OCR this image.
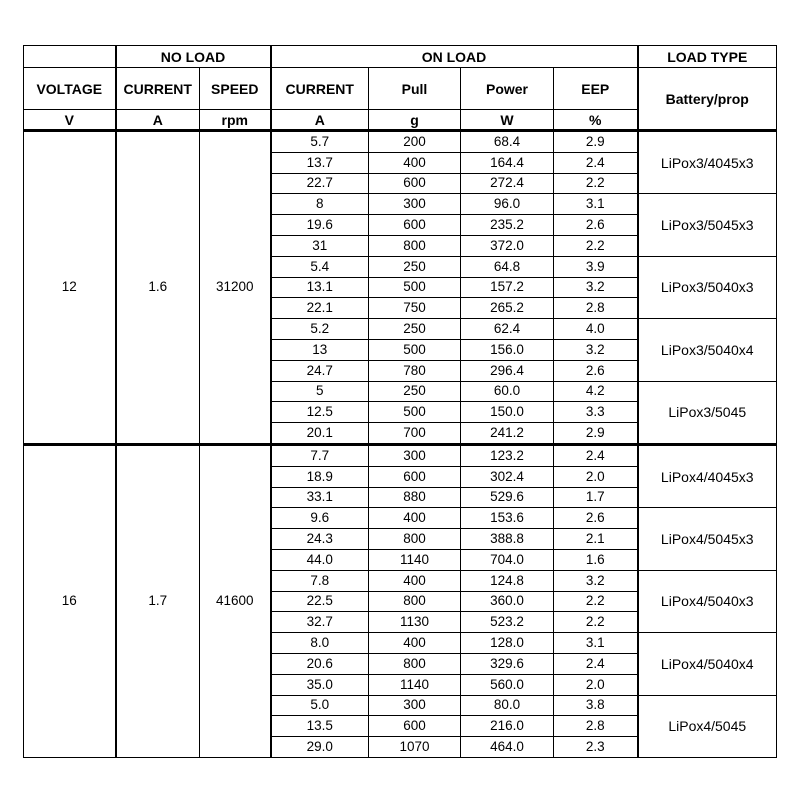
	NO LOAD		ON LOAD				LOAD TYPE
VOLTAGE	CURRENT	SPEED	CURRENT	Pull	Power	EEP	Battery/prop
V	A	rpm	A	g	W	%	
12	1.6	31200	5.7	200	68.4	2.9	LiPox3/4045x3
			13.7	400	164.4	2.4	
			22.7	600	272.4	2.2	
			8	300	96.0	3.1	LiPox3/5045x3
			19.6	600	235.2	2.6	
			31	800	372.0	2.2	
			5.4	250	64.8	3.9	LiPox3/5040x3
			13.1	500	157.2	3.2	
			22.1	750	265.2	2.8	
			5.2	250	62.4	4.0	LiPox3/5040x4
			13	500	156.0	3.2	
			24.7	780	296.4	2.6	
			5	250	60.0	4.2	LiPox3/5045
			12.5	500	150.0	3.3	
			20.1	700	241.2	2.9	
16	1.7	41600	7.7	300	123.2	2.4	LiPox4/4045x3
			18.9	600	302.4	2.0	
			33.1	880	529.6	1.7	
			9.6	400	153.6	2.6	LiPox4/5045x3
			24.3	800	388.8	2.1	
			44.0	1140	704.0	1.6	
			7.8	400	124.8	3.2	LiPox4/5040x3
			22.5	800	360.0	2.2	
			32.7	1130	523.2	2.2	
			8.0	400	128.0	3.1	LiPox4/5040x4
			20.6	800	329.6	2.4	
			35.0	1140	560.0	2.0	
			5.0	300	80.0	3.8	LiPox4/5045
			13.5	600	216.0	2.8	
			29.0	1070	464.0	2.3	
